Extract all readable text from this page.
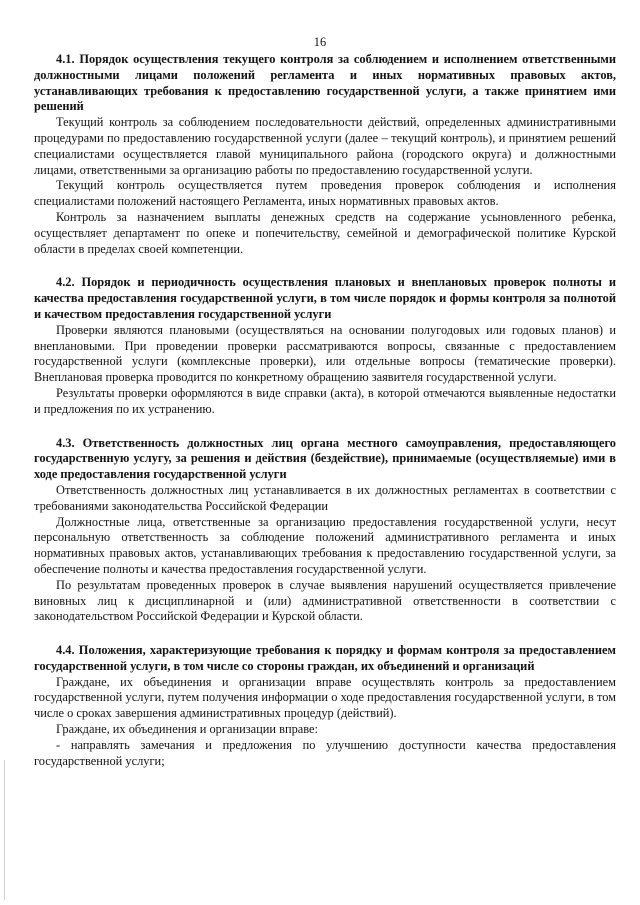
16
4.1. Порядок осуществления текущего контроля за соблюдением и исполнением ответственными должностными лицами положений регламента и иных нормативных правовых актов, устанавливающих требования к предоставлению государственной услуги, а также принятием ими решений

Текущий контроль за соблюдением последовательности действий, определенных административными процедурами по предоставлению государственной услуги (далее – текущий контроль), и принятием решений специалистами осуществляется главой муниципального района (городского округа) и должностными лицами, ответственными за организацию работы по предоставлению государственной услуги.

Текущий контроль осуществляется путем проведения проверок соблюдения и исполнения специалистами положений настоящего Регламента, иных нормативных правовых актов.

Контроль за назначением выплаты денежных средств на содержание усыновленного ребенка, осуществляет департамент по опеке и попечительству, семейной и демографической политике Курской области в пределах своей компетенции.

4.2. Порядок и периодичность осуществления плановых и внеплановых проверок полноты и качества предоставления государственной услуги, в том числе порядок и формы контроля за полнотой и качеством предоставления государственной услуги

Проверки являются плановыми (осуществляться на основании полугодовых или годовых планов) и внеплановыми. При проведении проверки рассматриваются вопросы, связанные с предоставлением государственной услуги (комплексные проверки), или отдельные вопросы (тематические проверки). Внеплановая проверка проводится по конкретному обращению заявителя государственной услуги.

Результаты проверки оформляются в виде справки (акта), в которой отмечаются выявленные недостатки и предложения по их устранению.

4.3. Ответственность должностных лиц органа местного самоуправления, предоставляющего государственную услугу, за решения и действия (бездействие), принимаемые (осуществляемые) ими в ходе предоставления государственной услуги

Ответственность должностных лиц устанавливается в их должностных регламентах в соответствии с требованиями законодательства Российской Федерации

Должностные лица, ответственные за организацию предоставления государственной услуги, несут персональную ответственность за соблюдение положений административного регламента и иных нормативных правовых актов, устанавливающих требования к предоставлению государственной услуги, за обеспечение полноты и качества предоставления государственной услуги.

По результатам проведенных проверок в случае выявления нарушений осуществляется привлечение виновных лиц к дисциплинарной и (или) административной ответственности в соответствии с законодательством Российской Федерации и Курской области.

4.4. Положения, характеризующие требования к порядку и формам контроля за предоставлением государственной услуги, в том числе со стороны граждан, их объединений и организаций

Граждане, их объединения и организации вправе осуществлять контроль за предоставлением государственной услуги, путем получения информации о ходе предоставления государственной услуги, в том числе о сроках завершения административных процедур (действий).

Граждане, их объединения и организации вправе:

- направлять замечания и предложения по улучшению доступности качества предоставления государственной услуги;
